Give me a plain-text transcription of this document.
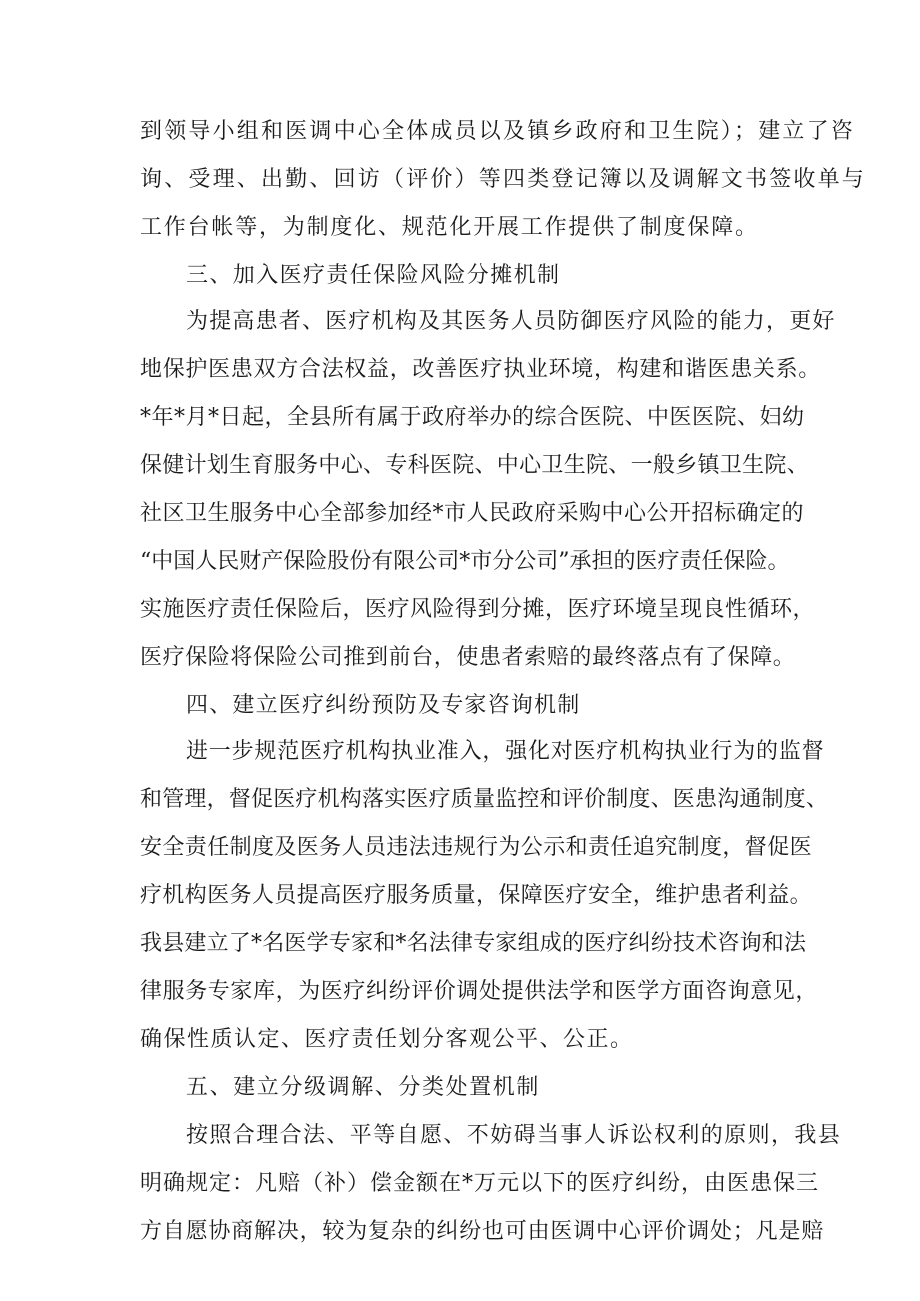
到领导小组和医调中心全体成员以及镇乡政府和卫生院）；建立了咨

询、受理、出勤、回访（评价）等四类登记簿以及调解文书签收单与

工作台帐等，为制度化、规范化开展工作提供了制度保障。

三、加入医疗责任保险风险分摊机制

为提高患者、医疗机构及其医务人员防御医疗风险的能力，更好

地保护医患双方合法权益，改善医疗执业环境，构建和谐医患关系。

*年*月*日起，全县所有属于政府举办的综合医院、中医医院、妇幼

保健计划生育服务中心、专科医院、中心卫生院、一般乡镇卫生院、

社区卫生服务中心全部参加经*市人民政府采购中心公开招标确定的

“中国人民财产保险股份有限公司*市分公司”承担的医疗责任保险。

实施医疗责任保险后，医疗风险得到分摊，医疗环境呈现良性循环，

医疗保险将保险公司推到前台，使患者索赔的最终落点有了保障。

四、建立医疗纠纷预防及专家咨询机制

进一步规范医疗机构执业准入，强化对医疗机构执业行为的监督

和管理，督促医疗机构落实医疗质量监控和评价制度、医患沟通制度、

安全责任制度及医务人员违法违规行为公示和责任追究制度，督促医

疗机构医务人员提高医疗服务质量，保障医疗安全，维护患者利益。

我县建立了*名医学专家和*名法律专家组成的医疗纠纷技术咨询和法

律服务专家库，为医疗纠纷评价调处提供法学和医学方面咨询意见，

确保性质认定、医疗责任划分客观公平、公正。

五、建立分级调解、分类处置机制

按照合理合法、平等自愿、不妨碍当事人诉讼权利的原则，我县

明确规定：凡赔（补）偿金额在*万元以下的医疗纠纷，由医患保三

方自愿协商解决，较为复杂的纠纷也可由医调中心评价调处；凡是赔
